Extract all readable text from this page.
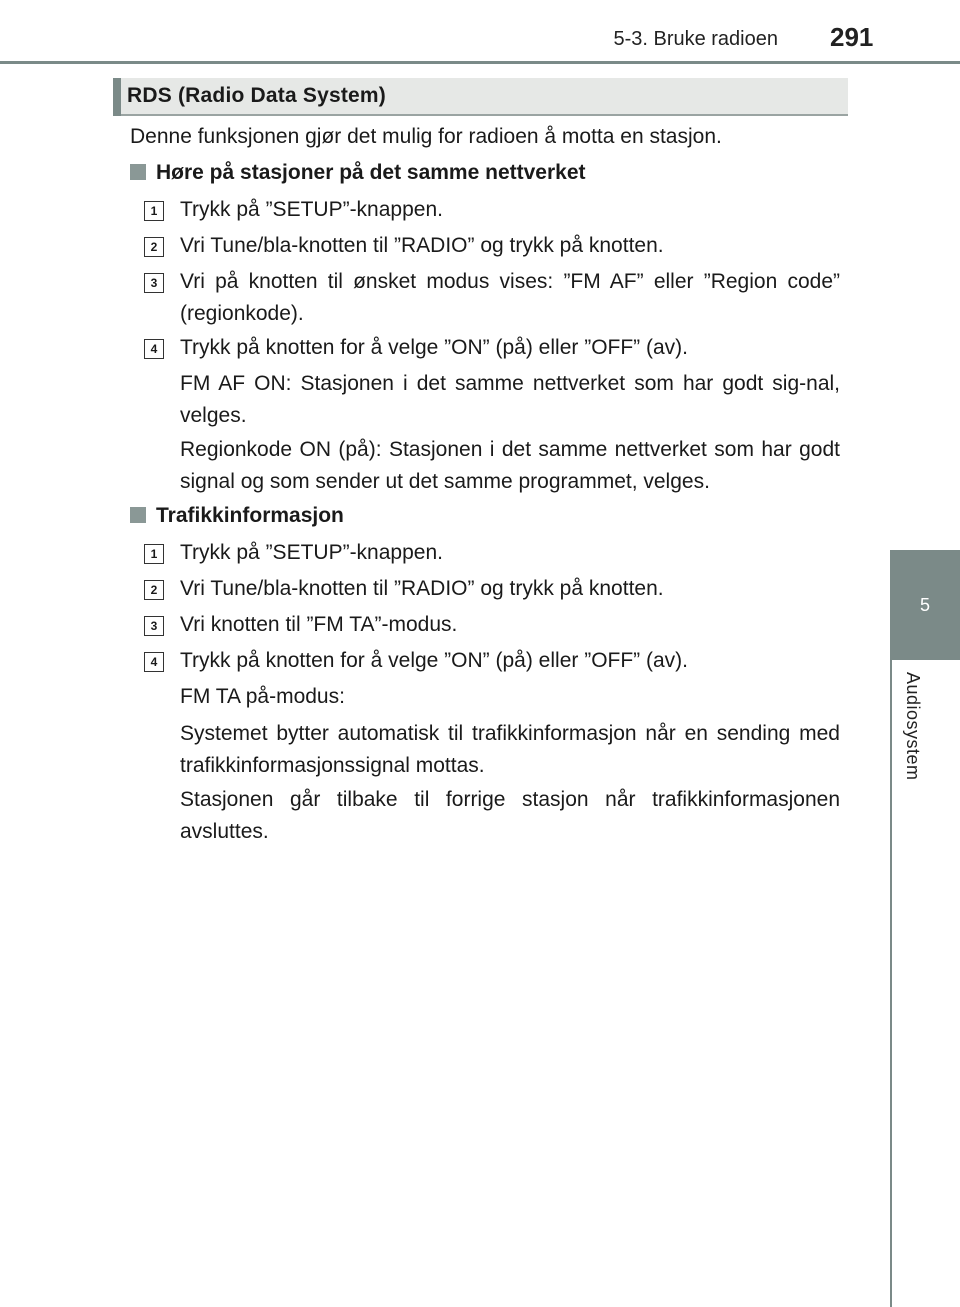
5-3. Bruke radioen 291
5
Audiosystem
RDS (Radio Data System)
Denne funksjonen gjør det mulig for radioen å motta en stasjon.
Høre på stasjoner på det samme nettverket
1	Trykk på ”SETUP”-knappen.
2	Vri Tune/bla-knotten til ”RADIO” og trykk på knotten.
3	Vri på knotten til ønsket modus vises: ”FM AF” eller ”Region code” (regionkode).
4	Trykk på knotten for å velge ”ON” (på) eller ”OFF” (av).
FM AF ON: Stasjonen i det samme nettverket som har godt sig-nal, velges.
Regionkode ON (på): Stasjonen i det samme nettverket som har godt signal og som sender ut det samme programmet, velges.
Trafikkinformasjon
1	Trykk på ”SETUP”-knappen.
2	Vri Tune/bla-knotten til ”RADIO” og trykk på knotten.
3	Vri knotten til ”FM TA”-modus.
4	Trykk på knotten for å velge ”ON” (på) eller ”OFF” (av).
FM TA på-modus:
Systemet bytter automatisk til trafikkinformasjon når en sending med trafikkinformasjonssignal mottas.
Stasjonen går tilbake til forrige stasjon når trafikkinformasjonen avsluttes.
